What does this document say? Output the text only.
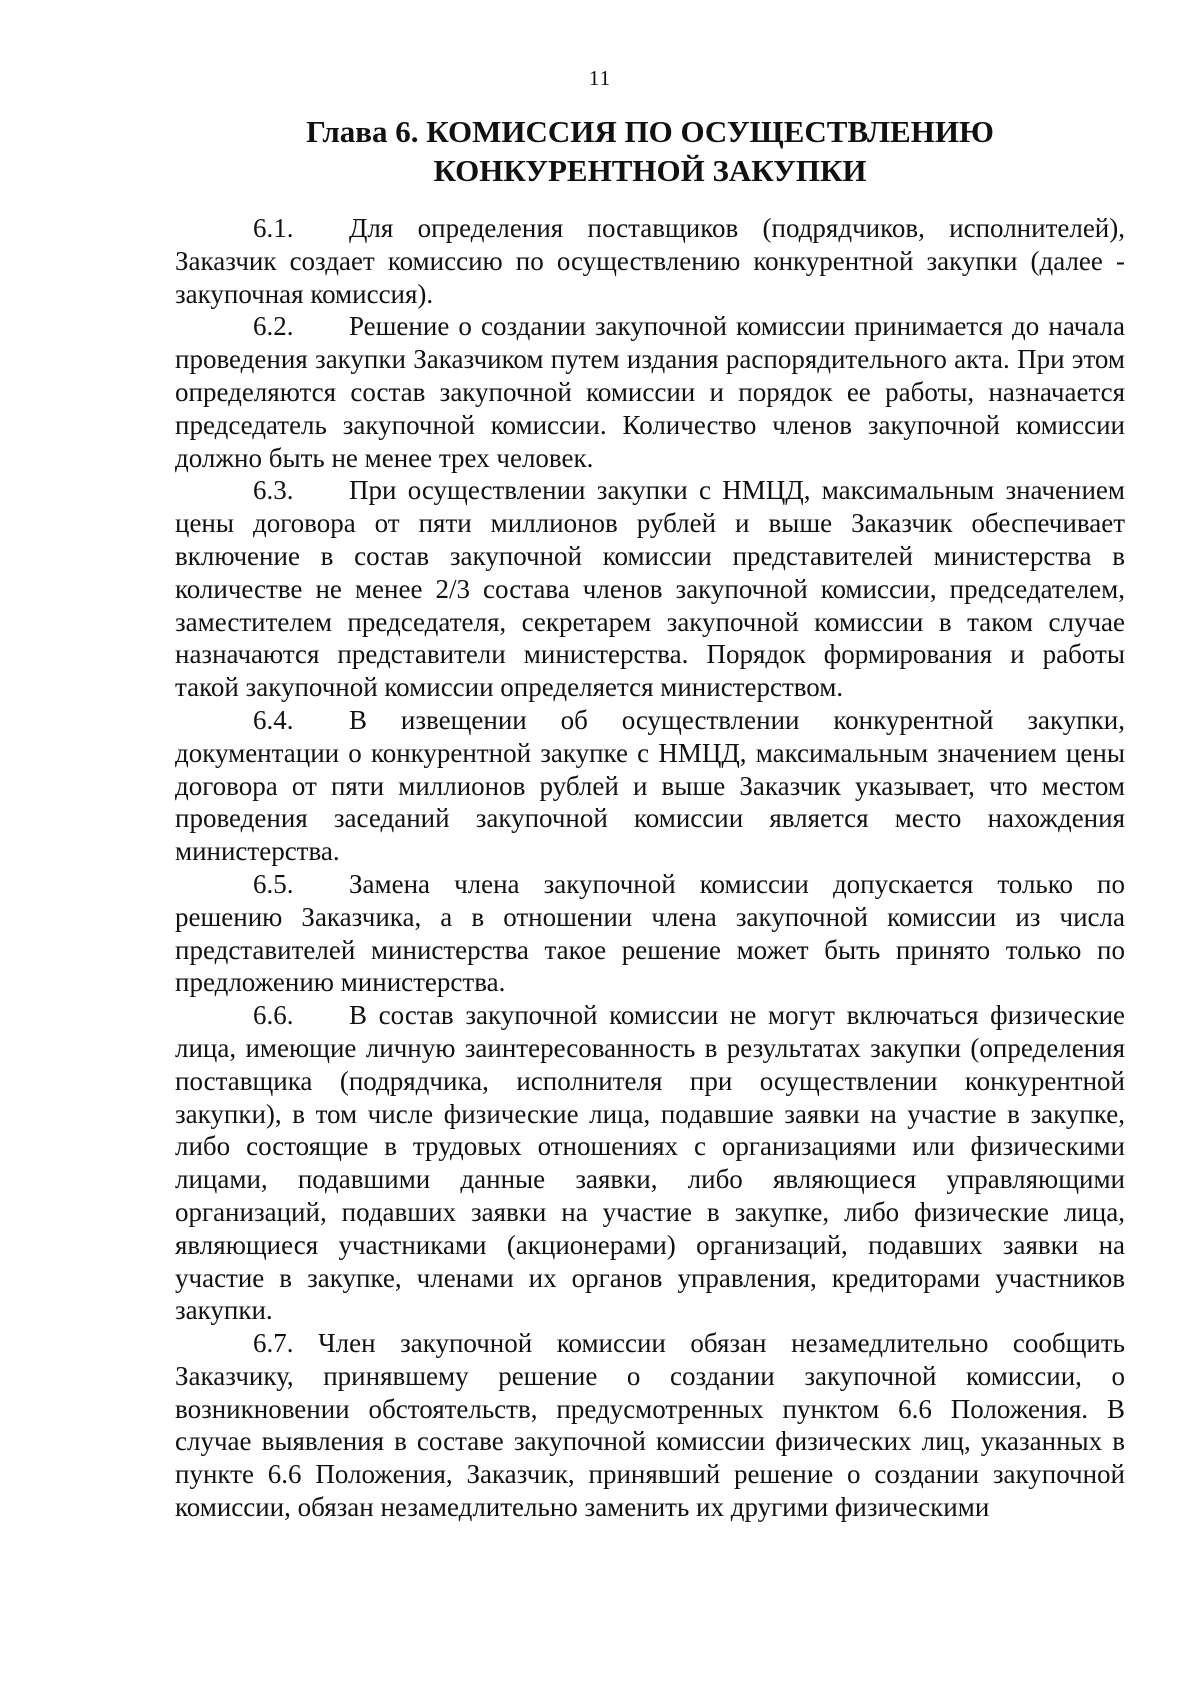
11
Глава 6. КОМИССИЯ ПО ОСУЩЕСТВЛЕНИЮ КОНКУРЕНТНОЙ ЗАКУПКИ

6.1. Для определения поставщиков (подрядчиков, исполнителей), Заказчик создает комиссию по осуществлению конкурентной закупки (далее - закупочная комиссия).

6.2. Решение о создании закупочной комиссии принимается до начала проведения закупки Заказчиком путем издания распорядительного акта. При этом определяются состав закупочной комиссии и порядок ее работы, назначается председатель закупочной комиссии. Количество членов закупочной комиссии должно быть не менее трех человек.

6.3. При осуществлении закупки с НМЦД, максимальным значением цены договора от пяти миллионов рублей и выше Заказчик обеспечивает включение в состав закупочной комиссии представителей министерства в количестве не менее 2/3 состава членов закупочной комиссии, председателем, заместителем председателя, секретарем закупочной комиссии в таком случае назначаются представители министерства. Порядок формирования и работы такой закупочной комиссии определяется министерством.

6.4. В извещении об осуществлении конкурентной закупки, документации о конкурентной закупке с НМЦД, максимальным значением цены договора от пяти миллионов рублей и выше Заказчик указывает, что местом проведения заседаний закупочной комиссии является место нахождения министерства.

6.5. Замена члена закупочной комиссии допускается только по решению Заказчика, а в отношении члена закупочной комиссии из числа представителей министерства такое решение может быть принято только по предложению министерства.

6.6. В состав закупочной комиссии не могут включаться физические лица, имеющие личную заинтересованность в результатах закупки (определения поставщика (подрядчика, исполнителя при осуществлении конкурентной закупки), в том числе физические лица, подавшие заявки на участие в закупке, либо состоящие в трудовых отношениях с организациями или физическими лицами, подавшими данные заявки, либо являющиеся управляющими организаций, подавших заявки на участие в закупке, либо физические лица, являющиеся участниками (акционерами) организаций, подавших заявки на участие в закупке, членами их органов управления, кредиторами участников закупки.

6.7. Член закупочной комиссии обязан незамедлительно сообщить Заказчику, принявшему решение о создании закупочной комиссии, о возникновении обстоятельств, предусмотренных пунктом 6.6 Положения. В случае выявления в составе закупочной комиссии физических лиц, указанных в пункте 6.6 Положения, Заказчик, принявший решение о создании закупочной комиссии, обязан незамедлительно заменить их другими физическими
